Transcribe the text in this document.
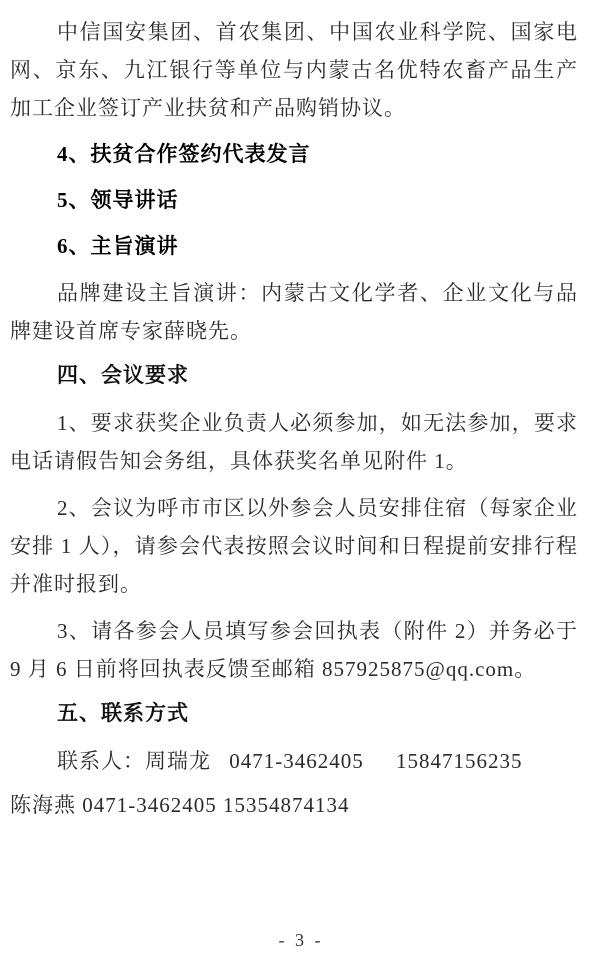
中信国安集团、首农集团、中国农业科学院、国家电网、京东、九江银行等单位与内蒙古名优特农畜产品生产加工企业签订产业扶贫和产品购销协议。

4、扶贫合作签约代表发言

5、领导讲话

6、主旨演讲

品牌建设主旨演讲：内蒙古文化学者、企业文化与品牌建设首席专家薛晓先。

四、会议要求

1、要求获奖企业负责人必须参加，如无法参加，要求电话请假告知会务组，具体获奖名单见附件 1。

2、会议为呼市市区以外参会人员安排住宿（每家企业安排 1 人），请参会代表按照会议时间和日程提前安排行程并准时报到。

3、请各参会人员填写参会回执表（附件 2）并务必于 9 月 6 日前将回执表反馈至邮箱 857925875@qq.com。

五、联系方式

联系人：周瑞龙 0471-3462405 15847156235

陈海燕 0471-3462405 15354874134

- 3 -
